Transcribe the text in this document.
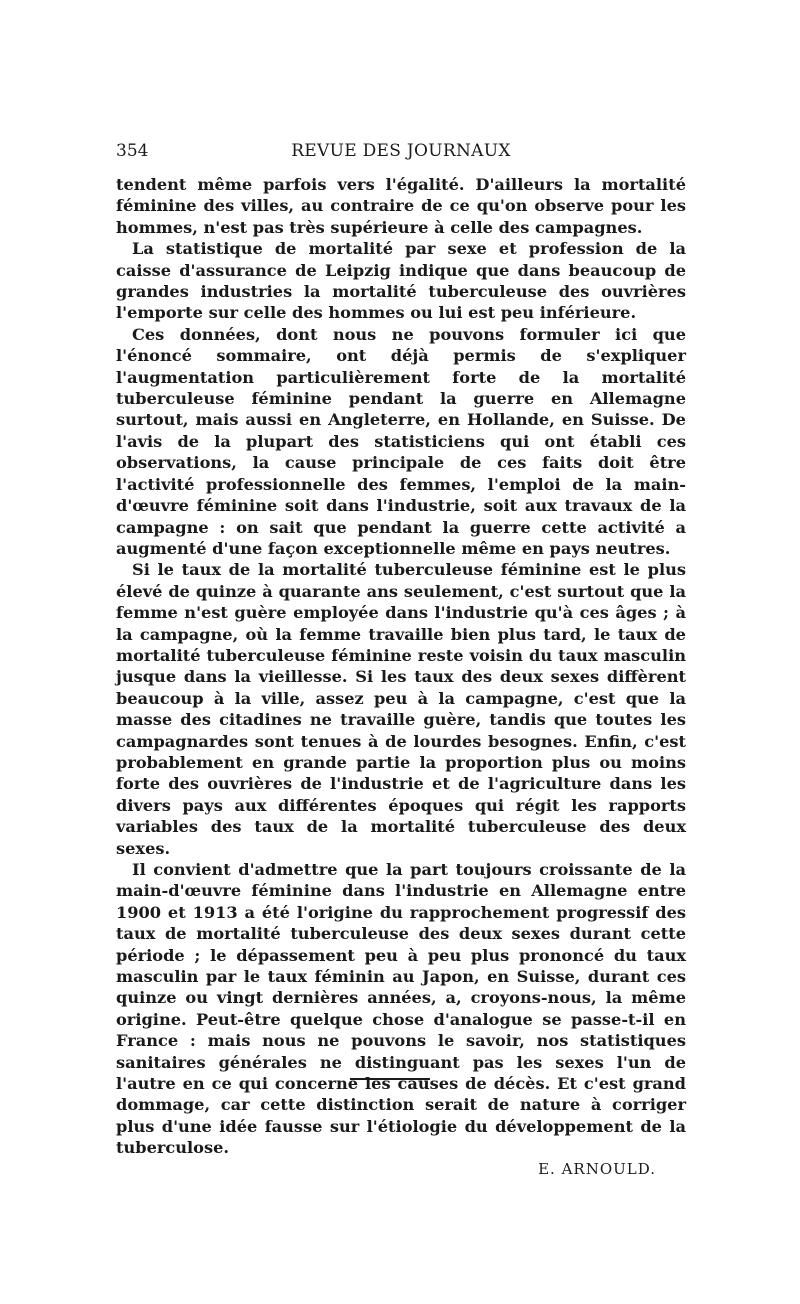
354	REVUE DES JOURNAUX

tendent même parfois vers l'égalité. D'ailleurs la mortalité féminine des villes, au contraire de ce qu'on observe pour les hommes, n'est pas très supérieure à celle des campagnes.

La statistique de mortalité par sexe et profession de la caisse d'assurance de Leipzig indique que dans beaucoup de grandes industries la mortalité tuberculeuse des ouvrières l'emporte sur celle des hommes ou lui est peu inférieure.

Ces données, dont nous ne pouvons formuler ici que l'énoncé sommaire, ont déjà permis de s'expliquer l'augmentation particulièrement forte de la mortalité tuberculeuse féminine pendant la guerre en Allemagne surtout, mais aussi en Angleterre, en Hollande, en Suisse. De l'avis de la plupart des statisticiens qui ont établi ces observations, la cause principale de ces faits doit être l'activité professionnelle des femmes, l'emploi de la main-d'œuvre féminine soit dans l'industrie, soit aux travaux de la campagne : on sait que pendant la guerre cette activité a augmenté d'une façon exceptionnelle même en pays neutres.

Si le taux de la mortalité tuberculeuse féminine est le plus élevé de quinze à quarante ans seulement, c'est surtout que la femme n'est guère employée dans l'industrie qu'à ces âges ; à la campagne, où la femme travaille bien plus tard, le taux de mortalité tuberculeuse féminine reste voisin du taux masculin jusque dans la vieillesse. Si les taux des deux sexes diffèrent beaucoup à la ville, assez peu à la campagne, c'est que la masse des citadines ne travaille guère, tandis que toutes les campagnardes sont tenues à de lourdes besognes. Enfin, c'est probablement en grande partie la proportion plus ou moins forte des ouvrières de l'industrie et de l'agriculture dans les divers pays aux différentes époques qui régit les rapports variables des taux de la mortalité tuberculeuse des deux sexes.

Il convient d'admettre que la part toujours croissante de la main-d'œuvre féminine dans l'industrie en Allemagne entre 1900 et 1913 a été l'origine du rapprochement progressif des taux de mortalité tuberculeuse des deux sexes durant cette période ; le dépassement peu à peu plus prononcé du taux masculin par le taux féminin au Japon, en Suisse, durant ces quinze ou vingt dernières années, a, croyons-nous, la même origine. Peut-être quelque chose d'analogue se passe-t-il en France : mais nous ne pouvons le savoir, nos statistiques sanitaires générales ne distinguant pas les sexes l'un de l'autre en ce qui concerne les causes de décès. Et c'est grand dommage, car cette distinction serait de nature à corriger plus d'une idée fausse sur l'étiologie du développement de la tuberculose.

E. ARNOULD.
